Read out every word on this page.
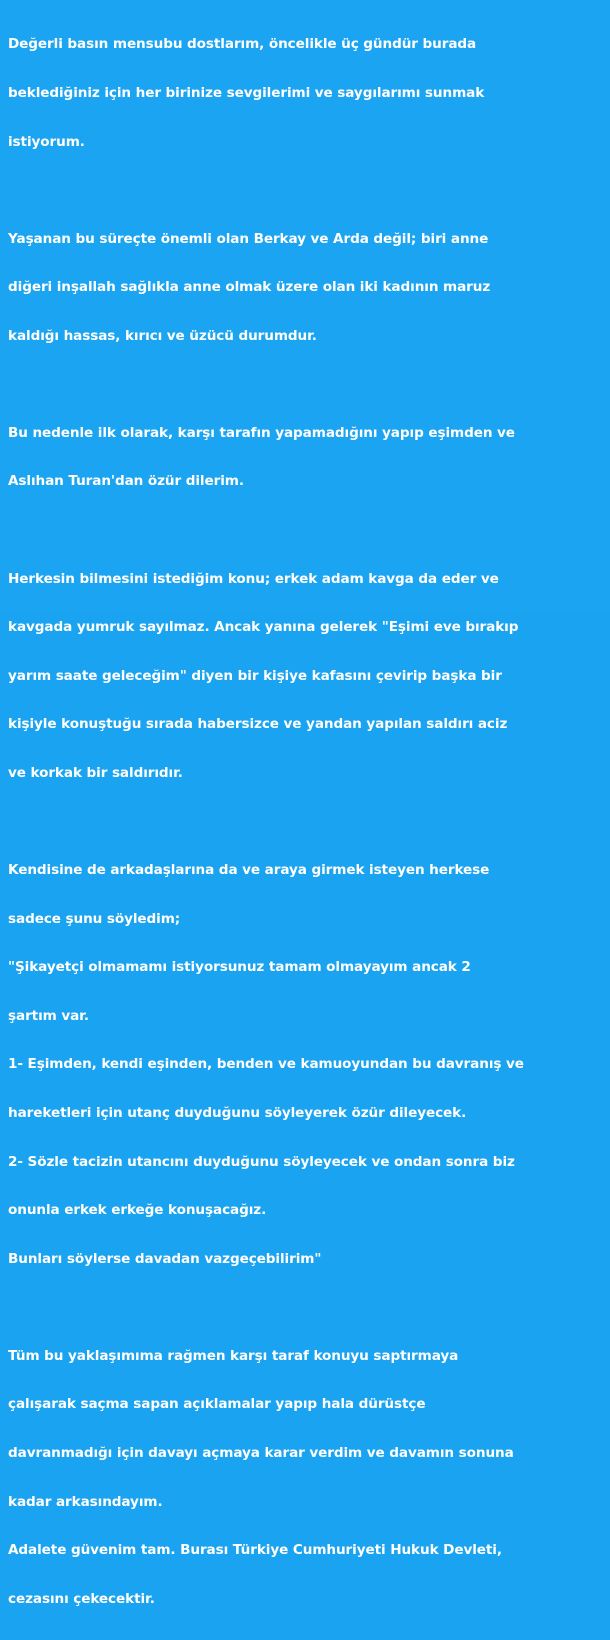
Değerli basın mensubu dostlarım, öncelikle üç gündür burada

beklediğiniz için her birinize sevgilerimi ve saygılarımı sunmak

istiyorum.

Yaşanan bu süreçte önemli olan Berkay ve Arda değil; biri anne

diğeri inşallah sağlıkla anne olmak üzere olan iki kadının maruz

kaldığı hassas, kırıcı ve üzücü durumdur.

Bu nedenle ilk olarak, karşı tarafın yapamadığını yapıp eşimden ve

Aslıhan Turan'dan özür dilerim.

Herkesin bilmesini istediğim konu; erkek adam kavga da eder ve

kavgada yumruk sayılmaz. Ancak yanına gelerek "Eşimi eve bırakıp

yarım saate geleceğim" diyen bir kişiye kafasını çevirip başka bir

kişiyle konuştuğu sırada habersizce ve yandan yapılan saldırı aciz

ve korkak bir saldırıdır.

Kendisine de arkadaşlarına da ve araya girmek isteyen herkese

sadece şunu söyledim;

"Şikayetçi olmamamı istiyorsunuz tamam olmayayım ancak 2

şartım var.

1- Eşimden, kendi eşinden, benden ve kamuoyundan bu davranış ve

hareketleri için utanç duyduğunu söyleyerek özür dileyecek.

2- Sözle tacizin utancını duyduğunu söyleyecek ve ondan sonra biz

onunla erkek erkeğe konuşacağız.

Bunları söylerse davadan vazgeçebilirim"

Tüm bu yaklaşımıma rağmen karşı taraf konuyu saptırmaya

çalışarak saçma sapan açıklamalar yapıp hala dürüstçe

davranmadığı için davayı açmaya karar verdim ve davamın sonuna

kadar arkasındayım.

Adalete güvenim tam. Burası Türkiye Cumhuriyeti Hukuk Devleti,

cezasını çekecektir.
